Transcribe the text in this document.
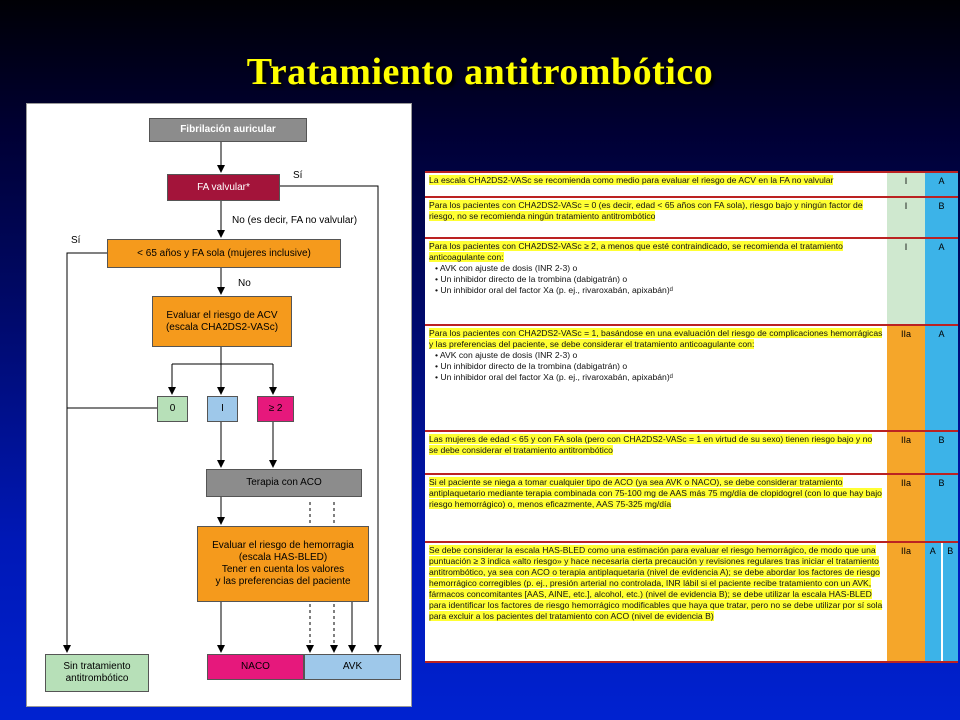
Tratamiento antitrombótico
Fibrilación auricular
FA valvular*
Sí
No (es decir, FA no valvular)
Sí
< 65 años y FA sola (mujeres inclusive)
No
Evaluar el riesgo de ACV
(escala CHA2DS2-VASc)
0	I	≥ 2
Terapia con ACO
Evaluar el riesgo de hemorragia
(escala HAS-BLED)
Tener en cuenta los valores
y las preferencias del paciente
Sin tratamiento
antitrombótico
NACO	AVK
La escala CHA2DS2-VASc se recomienda como medio para evaluar el riesgo de ACV en la FA no valvular	I	A
Para los pacientes con CHA2DS2-VASc = 0 (es decir, edad < 65 años con FA sola), riesgo bajo y ningún factor de riesgo, no se recomienda ningún tratamiento antitrombótico	I	B
Para los pacientes con CHA2DS2-VASc ≥ 2, a menos que esté contraindicado, se recomienda el tratamiento anticoagulante con:
• AVK con ajuste de dosis (INR 2-3) o
• Un inhibidor directo de la trombina (dabigatrán) o
• Un inhibidor oral del factor Xa (p. ej., rivaroxabán, apixabán)ᵈ	I	A
Para los pacientes con CHA2DS2-VASc = 1, basándose en una evaluación del riesgo de complicaciones hemorrágicas y las preferencias del paciente, se debe considerar el tratamiento anticoagulante con:
• AVK con ajuste de dosis (INR 2-3) o
• Un inhibidor directo de la trombina (dabigatrán) o
• Un inhibidor oral del factor Xa (p. ej., rivaroxabán, apixabán)ᵈ	IIa	A
Las mujeres de edad < 65 y con FA sola (pero con CHA2DS2-VASc = 1 en virtud de su sexo) tienen riesgo bajo y no se debe considerar el tratamiento antitrombótico	IIa	B
Si el paciente se niega a tomar cualquier tipo de ACO (ya sea AVK o NACO), se debe considerar tratamiento antiplaquetario mediante terapia combinada con 75-100 mg de AAS más 75 mg/día de clopidogrel (con lo que hay bajo riesgo hemorrágico) o, menos eficazmente, AAS 75-325 mg/día	IIa	B
Se debe considerar la escala HAS-BLED como una estimación para evaluar el riesgo hemorrágico, de modo que una puntuación ≥ 3 indica «alto riesgo» y hace necesaria cierta precaución y revisiones regulares tras iniciar el tratamiento antitrombótico, ya sea con ACO o terapia antiplaquetaria (nivel de evidencia A); se debe abordar los factores de riesgo hemorrágico corregibles (p. ej., presión arterial no controlada, INR lábil si el paciente recibe tratamiento con un AVK, fármacos concomitantes [AAS, AINE, etc.], alcohol, etc.) (nivel de evidencia B); se debe utilizar la escala HAS-BLED para identificar los factores de riesgo hemorrágico modificables que haya que tratar, pero no se debe utilizar por sí sola para excluir a los pacientes del tratamiento con ACO (nivel de evidencia B)	IIa	A B
